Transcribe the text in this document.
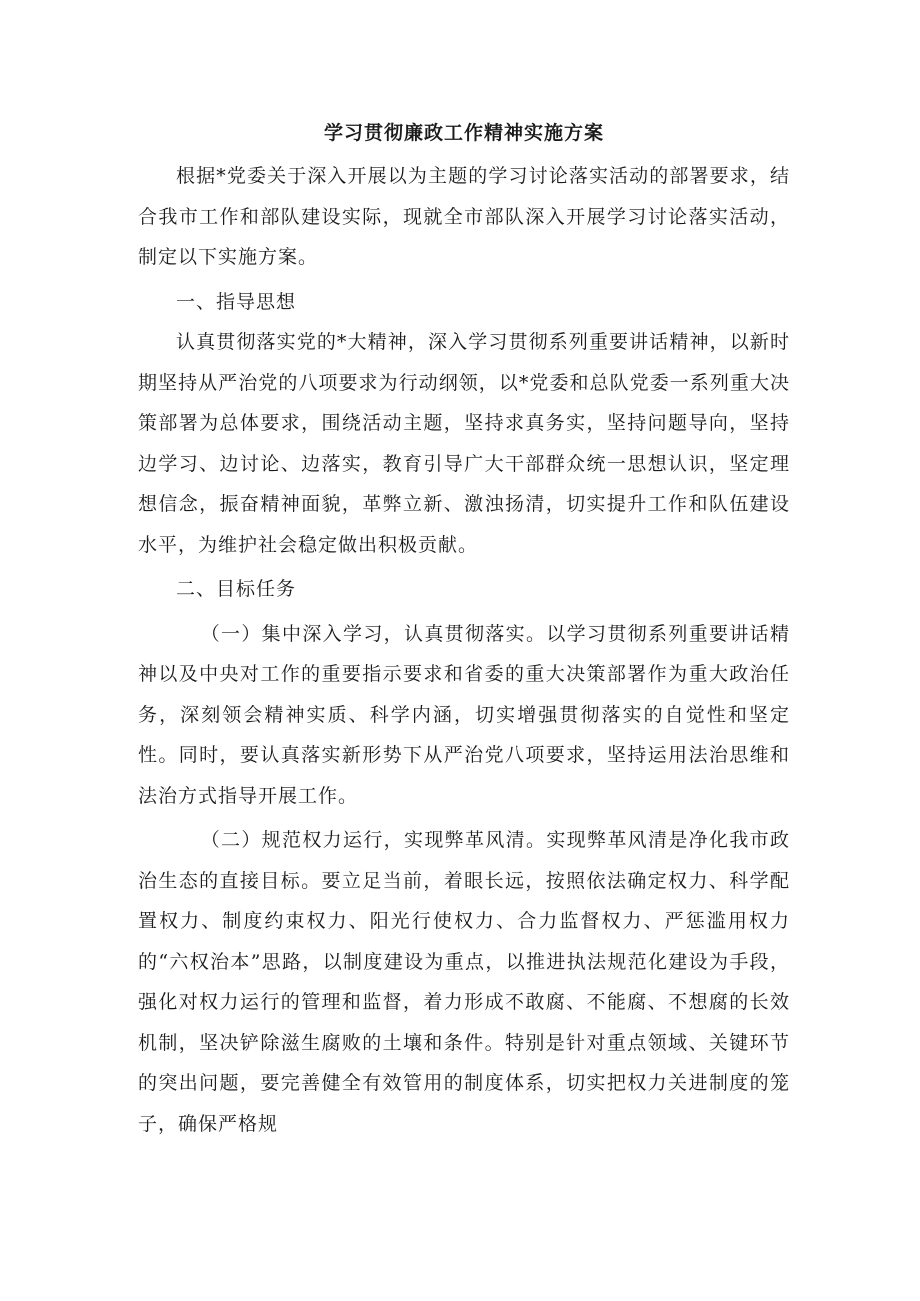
学习贯彻廉政工作精神实施方案

根据*党委关于深入开展以为主题的学习讨论落实活动的部署要求，结合我市工作和部队建设实际，现就全市部队深入开展学习讨论落实活动，制定以下实施方案。

一、指导思想

认真贯彻落实党的*大精神，深入学习贯彻系列重要讲话精神，以新时期坚持从严治党的八项要求为行动纲领，以*党委和总队党委一系列重大决策部署为总体要求，围绕活动主题，坚持求真务实，坚持问题导向，坚持边学习、边讨论、边落实，教育引导广大干部群众统一思想认识，坚定理想信念，振奋精神面貌，革弊立新、激浊扬清，切实提升工作和队伍建设水平，为维护社会稳定做出积极贡献。

二、目标任务

（一）集中深入学习，认真贯彻落实。以学习贯彻系列重要讲话精神以及中央对工作的重要指示要求和省委的重大决策部署作为重大政治任务，深刻领会精神实质、科学内涵，切实增强贯彻落实的自觉性和坚定性。同时，要认真落实新形势下从严治党八项要求，坚持运用法治思维和法治方式指导开展工作。

（二）规范权力运行，实现弊革风清。实现弊革风清是净化我市政治生态的直接目标。要立足当前，着眼长远，按照依法确定权力、科学配置权力、制度约束权力、阳光行使权力、合力监督权力、严惩滥用权力的“六权治本”思路，以制度建设为重点，以推进执法规范化建设为手段，强化对权力运行的管理和监督，着力形成不敢腐、不能腐、不想腐的长效机制，坚决铲除滋生腐败的土壤和条件。特别是针对重点领域、关键环节的突出问题，要完善健全有效管用的制度体系，切实把权力关进制度的笼子，确保严格规
